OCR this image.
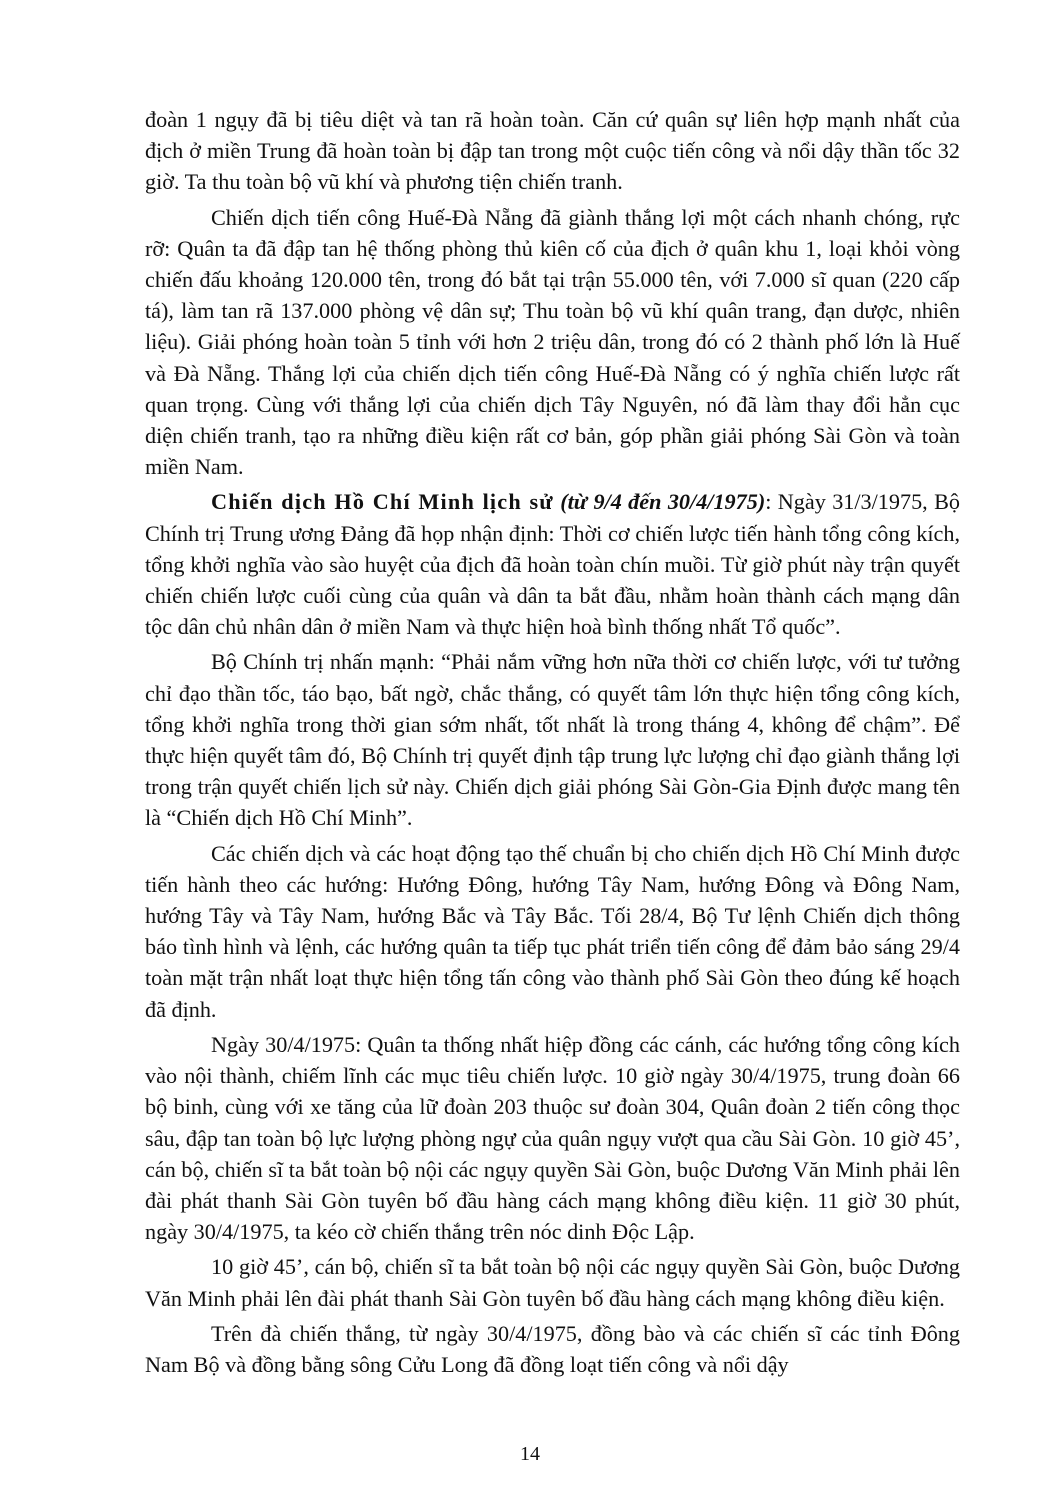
đoàn 1 ngụy đã bị tiêu diệt và tan rã hoàn toàn. Căn cứ quân sự liên hợp mạnh nhất của địch ở miền Trung đã hoàn toàn bị đập tan trong một cuộc tiến công và nổi dậy thần tốc 32 giờ. Ta thu toàn bộ vũ khí và phương tiện chiến tranh.

Chiến dịch tiến công Huế-Đà Nẵng đã giành thắng lợi một cách nhanh chóng, rực rỡ: Quân ta đã đập tan hệ thống phòng thủ kiên cố của địch ở quân khu 1, loại khỏi vòng chiến đấu khoảng 120.000 tên, trong đó bắt tại trận 55.000 tên, với 7.000 sĩ quan (220 cấp tá), làm tan rã 137.000 phòng vệ dân sự; Thu toàn bộ vũ khí quân trang, đạn dược, nhiên liệu). Giải phóng hoàn toàn 5 tỉnh với hơn 2 triệu dân, trong đó có 2 thành phố lớn là Huế và Đà Nẵng. Thắng lợi của chiến dịch tiến công Huế-Đà Nẵng có ý nghĩa chiến lược rất quan trọng. Cùng với thắng lợi của chiến dịch Tây Nguyên, nó đã làm thay đổi hẳn cục diện chiến tranh, tạo ra những điều kiện rất cơ bản, góp phần giải phóng Sài Gòn và toàn miền Nam.

Chiến dịch Hồ Chí Minh lịch sử (từ 9/4 đến 30/4/1975): Ngày 31/3/1975, Bộ Chính trị Trung ương Đảng đã họp nhận định: Thời cơ chiến lược tiến hành tổng công kích, tổng khởi nghĩa vào sào huyệt của địch đã hoàn toàn chín muồi. Từ giờ phút này trận quyết chiến chiến lược cuối cùng của quân và dân ta bắt đầu, nhằm hoàn thành cách mạng dân tộc dân chủ nhân dân ở miền Nam và thực hiện hoà bình thống nhất Tổ quốc”.

Bộ Chính trị nhấn mạnh: “Phải nắm vững hơn nữa thời cơ chiến lược, với tư tưởng chỉ đạo thần tốc, táo bạo, bất ngờ, chắc thắng, có quyết tâm lớn thực hiện tổng công kích, tổng khởi nghĩa trong thời gian sớm nhất, tốt nhất là trong tháng 4, không để chậm”. Để thực hiện quyết tâm đó, Bộ Chính trị quyết định tập trung lực lượng chỉ đạo giành thắng lợi trong trận quyết chiến lịch sử này. Chiến dịch giải phóng Sài Gòn-Gia Định được mang tên là “Chiến dịch Hồ Chí Minh”.

Các chiến dịch và các hoạt động tạo thế chuẩn bị cho chiến dịch Hồ Chí Minh được tiến hành theo các hướng: Hướng Đông, hướng Tây Nam, hướng Đông và Đông Nam, hướng Tây và Tây Nam, hướng Bắc và Tây Bắc. Tối 28/4, Bộ Tư lệnh Chiến dịch thông báo tình hình và lệnh, các hướng quân ta tiếp tục phát triển tiến công để đảm bảo sáng 29/4 toàn mặt trận nhất loạt thực hiện tổng tấn công vào thành phố Sài Gòn theo đúng kế hoạch đã định.

Ngày 30/4/1975: Quân ta thống nhất hiệp đồng các cánh, các hướng tổng công kích vào nội thành, chiếm lĩnh các mục tiêu chiến lược. 10 giờ ngày 30/4/1975, trung đoàn 66 bộ binh, cùng với xe tăng của lữ đoàn 203 thuộc sư đoàn 304, Quân đoàn 2 tiến công thọc sâu, đập tan toàn bộ lực lượng phòng ngự của quân ngụy vượt qua cầu Sài Gòn. 10 giờ 45’, cán bộ, chiến sĩ ta bắt toàn bộ nội các ngụy quyền Sài Gòn, buộc Dương Văn Minh phải lên đài phát thanh Sài Gòn tuyên bố đầu hàng cách mạng không điều kiện. 11 giờ 30 phút, ngày 30/4/1975, ta kéo cờ chiến thắng trên nóc dinh Độc Lập.

10 giờ 45’, cán bộ, chiến sĩ ta bắt toàn bộ nội các ngụy quyền Sài Gòn, buộc Dương Văn Minh phải lên đài phát thanh Sài Gòn tuyên bố đầu hàng cách mạng không điều kiện.

Trên đà chiến thắng, từ ngày 30/4/1975, đồng bào và các chiến sĩ các tỉnh Đông Nam Bộ và đồng bằng sông Cửu Long đã đồng loạt tiến công và nổi dậy

14
